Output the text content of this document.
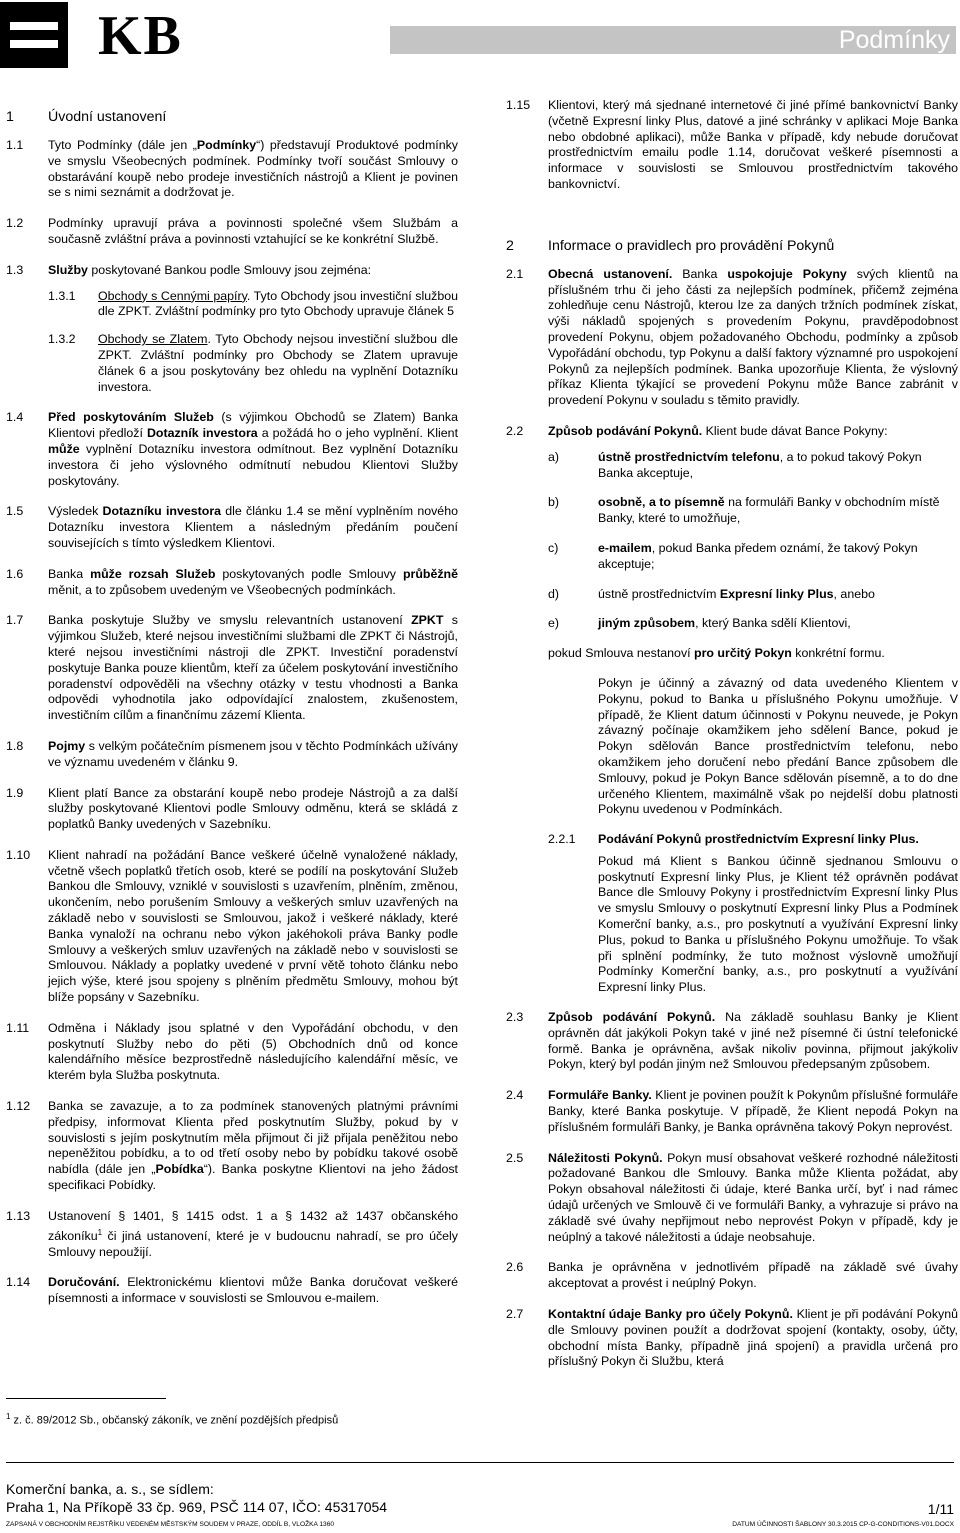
KB	Podmínky
1 Úvodní ustanovení
1.1 Tyto Podmínky (dále jen „Podmínky“) představují Produktové podmínky ve smyslu Všeobecných podmínek. Podmínky tvoří součást Smlouvy o obstarávání koupě nebo prodeje investičních nástrojů a Klient je povinen se s nimi seznámit a dodržovat je.
1.2 Podmínky upravují práva a povinnosti společné všem Službám a současně zvláštní práva a povinnosti vztahující se ke konkrétní Službě.
1.3 Služby poskytované Bankou podle Smlouvy jsou zejména:
1.3.1 Obchody s Cennými papíry. Tyto Obchody jsou investiční službou dle ZPKT. Zvláštní podmínky pro tyto Obchody upravuje článek 5
1.3.2 Obchody se Zlatem. Tyto Obchody nejsou investiční službou dle ZPKT. Zvláštní podmínky pro Obchody se Zlatem upravuje článek 6 a jsou poskytovány bez ohledu na vyplnění Dotazníku investora.
1.4 Před poskytováním Služeb (s výjimkou Obchodů se Zlatem) Banka Klientovi předloží Dotazník investora a požádá ho o jeho vyplnění. Klient může vyplnění Dotazníku investora odmítnout. Bez vyplnění Dotazníku investora či jeho výslovného odmítnutí nebudou Klientovi Služby poskytovány.
1.5 Výsledek Dotazníku investora dle článku 1.4 se mění vyplněním nového Dotazníku investora Klientem a následným předáním poučení souvisejících s tímto výsledkem Klientovi.
1.6 Banka může rozsah Služeb poskytovaných podle Smlouvy průběžně měnit, a to způsobem uvedeným ve Všeobecných podmínkách.
1.7 Banka poskytuje Služby ve smyslu relevantních ustanovení ZPKT s výjimkou Služeb, které nejsou investičními službami dle ZPKT či Nástrojů, které nejsou investičními nástroji dle ZPKT. Investiční poradenství poskytuje Banka pouze klientům, kteří za účelem poskytování investičního poradenství odpověděli na všechny otázky v testu vhodnosti a Banka odpovědi vyhodnotila jako odpovídající znalostem, zkušenostem, investičním cílům a finančnímu zázemí Klienta.
1.8 Pojmy s velkým počátečním písmenem jsou v těchto Podmínkách užívány ve významu uvedeném v článku 9.
1.9 Klient platí Bance za obstarání koupě nebo prodeje Nástrojů a za další služby poskytované Klientovi podle Smlouvy odměnu, která se skládá z poplatků Banky uvedených v Sazebníku.
1.10 Klient nahradí na požádání Bance veškeré účelně vynaložené náklady, včetně všech poplatků třetích osob, které se podílí na poskytování Služeb Bankou dle Smlouvy, vzniklé v souvislosti s uzavřením, plněním, změnou, ukončením, nebo porušením Smlouvy a veškerých smluv uzavřených na základě nebo v souvislosti se Smlouvou, jakož i veškeré náklady, které Banka vynaloží na ochranu nebo výkon jakéhokoli práva Banky podle Smlouvy a veškerých smluv uzavřených na základě nebo v souvislosti se Smlouvou. Náklady a poplatky uvedené v první větě tohoto článku nebo jejich výše, které jsou spojeny s plněním předmětu Smlouvy, mohou být blíže popsány v Sazebníku.
1.11 Odměna i Náklady jsou splatné v den Vypořádání obchodu, v den poskytnutí Služby nebo do pěti (5) Obchodních dnů od konce kalendářního měsíce bezprostředně následujícího kalendářní měsíc, ve kterém byla Služba poskytnuta.
1.12 Banka se zavazuje, a to za podmínek stanovených platnými právními předpisy, informovat Klienta před poskytnutím Služby, pokud by v souvislosti s jejím poskytnutím měla přijmout či již přijala peněžitou nebo nepeněžitou pobídku, a to od třetí osoby nebo by pobídku takové osobě nabídla (dále jen „Pobídka“). Banka poskytne Klientovi na jeho žádost specifikaci Pobídky.
1.13 Ustanovení § 1401, § 1415 odst. 1 a § 1432 až 1437 občanského zákoníku$^1$ či jiná ustanovení, které je v budoucnu nahradí, se pro účely Smlouvy nepoužijí.
1.14 Doručování. Elektronickému klientovi může Banka doručovat veškeré písemnosti a informace v souvislosti se Smlouvou e-mailem.
$^1$ z. č. 89/2012 Sb., občanský zákoník, ve znění pozdějších předpisů
1.15 Klientovi, který má sjednané internetové či jiné přímé bankovnictví Banky (včetně Expresní linky Plus, datové a jiné schránky v aplikaci Moje Banka nebo obdobné aplikaci), může Banka v případě, kdy nebude doručovat prostřednictvím emailu podle 1.14, doručovat veškeré písemnosti a informace v souvislosti se Smlouvou prostřednictvím takového bankovnictví.
2 Informace o pravidlech pro provádění Pokynů
2.1 Obecná ustanovení. Banka uspokojuje Pokyny svých klientů na příslušném trhu či jeho části za nejlepších podmínek, přičemž zejména zohledňuje cenu Nástrojů, kterou lze za daných tržních podmínek získat, výši nákladů spojených s provedením Pokynu, pravděpodobnost provedení Pokynu, objem požadovaného Obchodu, podmínky a způsob Vypořádání obchodu, typ Pokynu a další faktory významné pro uspokojení Pokynů za nejlepších podmínek. Banka upozorňuje Klienta, že výslovný příkaz Klienta týkající se provedení Pokynu může Bance zabránit v provedení Pokynu v souladu s těmito pravidly.
2.2 Způsob podávání Pokynů. Klient bude dávat Bance Pokyny:
a)	ústně prostřednictvím telefonu, a to pokud takový Pokyn Banka akceptuje,
b)	osobně, a to písemně na formuláři Banky v obchodním místě Banky, které to umožňuje,
c)	e-mailem, pokud Banka předem oznámí, že takový Pokyn akceptuje;
d)	ústně prostřednictvím Expresní linky Plus, anebo
e)	jiným způsobem, který Banka sdělí Klientovi,
pokud Smlouva nestanoví pro určitý Pokyn konkrétní formu.
Pokyn je účinný a závazný od data uvedeného Klientem v Pokynu, pokud to Banka u příslušného Pokynu umožňuje. V případě, že Klient datum účinnosti v Pokynu neuvede, je Pokyn závazný počínaje okamžikem jeho sdělení Bance, pokud je Pokyn sdělován Bance prostřednictvím telefonu, nebo okamžikem jeho doručení nebo předání Bance způsobem dle Smlouvy, pokud je Pokyn Bance sdělován písemně, a to do dne určeného Klientem, maximálně však po nejdelší dobu platnosti Pokynu uvedenou v Podmínkách.
2.2.1 Podávání Pokynů prostřednictvím Expresní linky Plus.
Pokud má Klient s Bankou účinně sjednanou Smlouvu o poskytnutí Expresní linky Plus, je Klient též oprávněn podávat Bance dle Smlouvy Pokyny i prostřednictvím Expresní linky Plus ve smyslu Smlouvy o poskytnutí Expresní linky Plus a Podmínek Komerční banky, a.s., pro poskytnutí a využívání Expresní linky Plus, pokud to Banka u příslušného Pokynu umožňuje. To však při splnění podmínky, že tuto možnost výslovně umožňují Podmínky Komerční banky, a.s., pro poskytnutí a využívání Expresní linky Plus.
2.3 Způsob podávání Pokynů. Na základě souhlasu Banky je Klient oprávněn dát jakýkoli Pokyn také v jiné než písemné či ústní telefonické formě. Banka je oprávněna, avšak nikoliv povinna, přijmout jakýkoliv Pokyn, který byl podán jiným než Smlouvou předepsaným způsobem.
2.4 Formuláře Banky. Klient je povinen použít k Pokynům příslušné formuláře Banky, které Banka poskytuje. V případě, že Klient nepodá Pokyn na příslušném formuláři Banky, je Banka oprávněna takový Pokyn neprovést.
2.5 Náležitosti Pokynů. Pokyn musí obsahovat veškeré rozhodné náležitosti požadované Bankou dle Smlouvy. Banka může Klienta požádat, aby Pokyn obsahoval náležitosti či údaje, které Banka určí, byť i nad rámec údajů určených ve Smlouvě či ve formuláři Banky, a vyhrazuje si právo na základě své úvahy nepřijmout nebo neprovést Pokyn v případě, kdy je neúplný a takové náležitosti a údaje neobsahuje.
2.6 Banka je oprávněna v jednotlivém případě na základě své úvahy akceptovat a provést i neúplný Pokyn.
2.7 Kontaktní údaje Banky pro účely Pokynů. Klient je při podávání Pokynů dle Smlouvy povinen použít a dodržovat spojení (kontakty, osoby, účty, obchodní místa Banky, případně jiná spojení) a pravidla určená pro příslušný Pokyn či Službu, která
Komerční banka, a. s., se sídlem:
Praha 1, Na Příkopě 33 čp. 969, PSČ 114 07, IČO: 45317054
ZAPSANÁ V OBCHODNÍM REJSTŘÍKU VEDENÉM MĚSTSKÝM SOUDEM V PRAZE, ODDÍL B, VLOŽKA 1360
1/11
DATUM ÚČINNOSTI ŠABLONY 30.3.2015 CP-G-CONDITIONS-V01.DOCX
